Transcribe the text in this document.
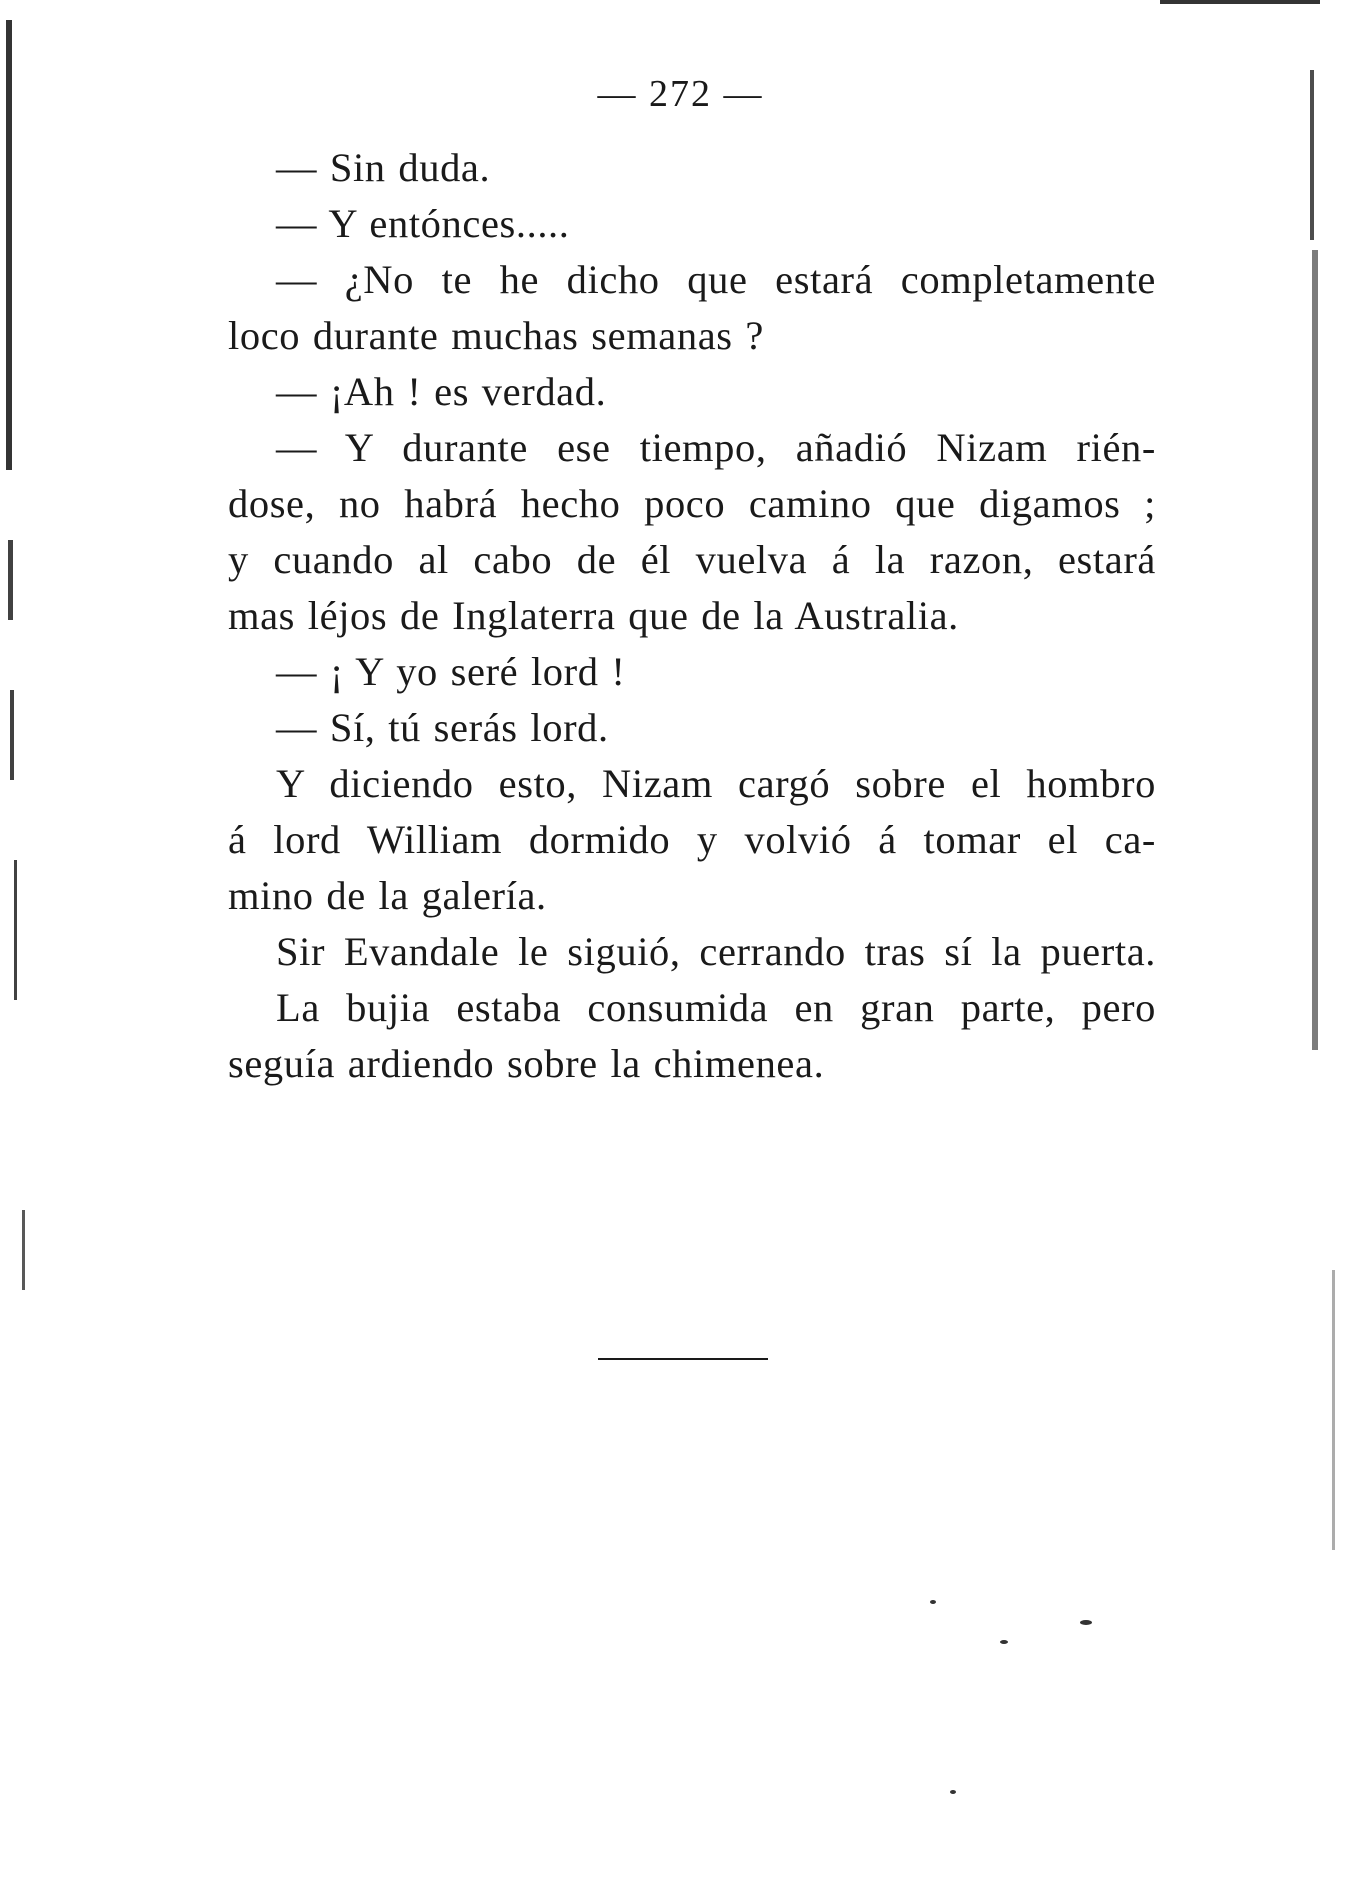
— 272 —
— Sin duda.
— Y entónces.....
— ¿No te he dicho que estará completamente
loco durante muchas semanas ?
— ¡Ah ! es verdad.
— Y durante ese tiempo, añadió Nizam rién-
dose, no habrá hecho poco camino que digamos ;
y cuando al cabo de él vuelva á la razon, estará
mas léjos de Inglaterra que de la Australia.
— ¡ Y yo seré lord !
— Sí, tú serás lord.
Y diciendo esto, Nizam cargó sobre el hombro
á lord William dormido y volvió á tomar el ca-
mino de la galería.
Sir Evandale le siguió, cerrando tras sí la puerta.
La bujia estaba consumida en gran parte, pero
seguía ardiendo sobre la chimenea.
